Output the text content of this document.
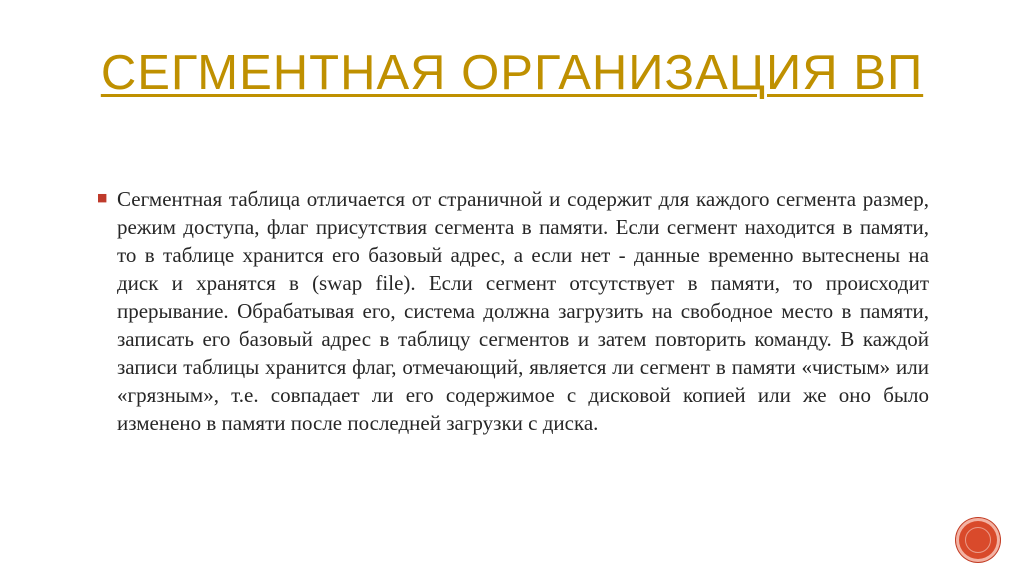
СЕГМЕНТНАЯ ОРГАНИЗАЦИЯ ВП
■ Сегментная таблица отличается от страничной и содержит для каждого сегмента размер, режим доступа, флаг присутствия сегмента в памяти. Если сегмент находится в памяти, то в таблице хранится его базовый адрес, а если нет - данные временно вытеснены на диск и хранятся в (swap file). Если сегмент отсутствует в памяти, то происходит прерывание. Обрабатывая его, система должна загрузить на свободное место в памяти, записать его базовый адрес в таблицу сегментов и затем повторить команду. В каждой записи таблицы хранится флаг, отмечающий, является ли сегмент в памяти «чистым» или «грязным», т.е. совпадает ли его содержимое с дисковой копией или же оно было изменено в памяти после последней загрузки с диска.
